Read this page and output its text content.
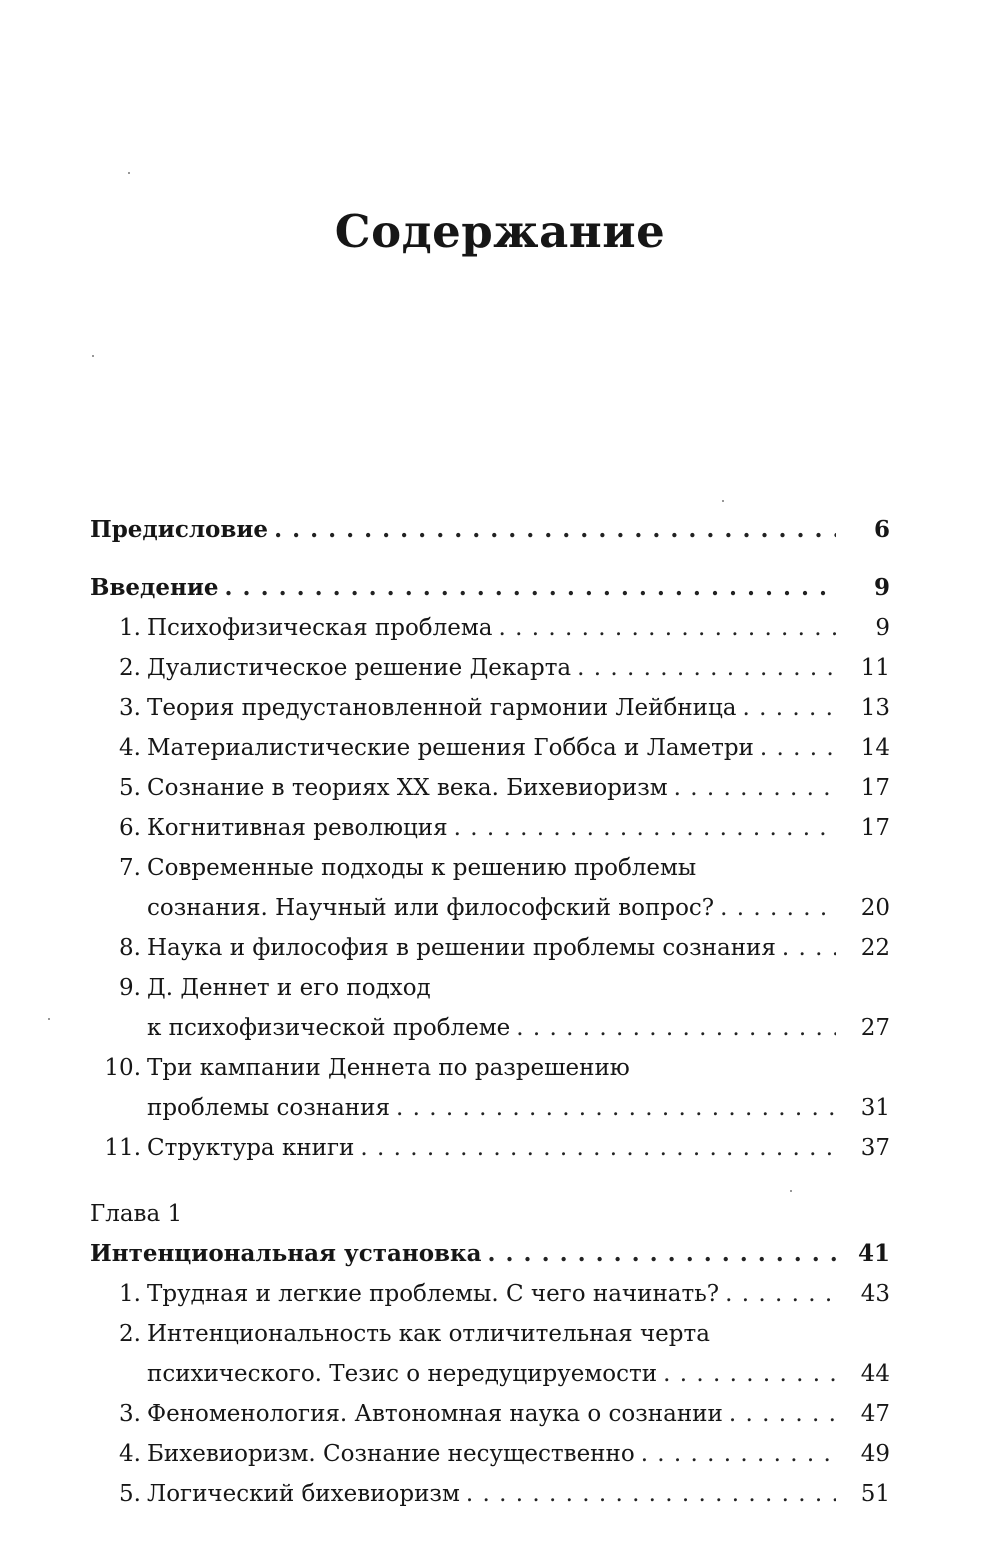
Содержание
Предисловие . . .	6
Введение . . .	9
1. Психофизическая проблема . . .	9
2. Дуалистическое решение Декарта . . .	11
3. Теория предустановленной гармонии Лейбница . . .	13
4. Материалистические решения Гоббса и Ламетри . . .	14
5. Сознание в теориях XX века. Бихевиоризм . . .	17
6. Когнитивная революция . . .	17
7. Современные подходы к решению проблемы
сознания. Научный или философский вопрос? . . .	20
8. Наука и философия в решении проблемы сознания . . .	22
9. Д. Деннет и его подход
к психофизической проблеме . . .	27
10. Три кампании Деннета по разрешению
проблемы сознания . . .	31
11. Структура книги . . .	37
Глава 1
Интенциональная установка . . .	41
1. Трудная и легкие проблемы. С чего начинать? . . .	43
2. Интенциональность как отличительная черта
психического. Тезис о нередуцируемости . . .	44
3. Феноменология. Автономная наука о сознании . . .	47
4. Бихевиоризм. Сознание несущественно . . .	49
5. Логический бихевиоризм . . .	51
